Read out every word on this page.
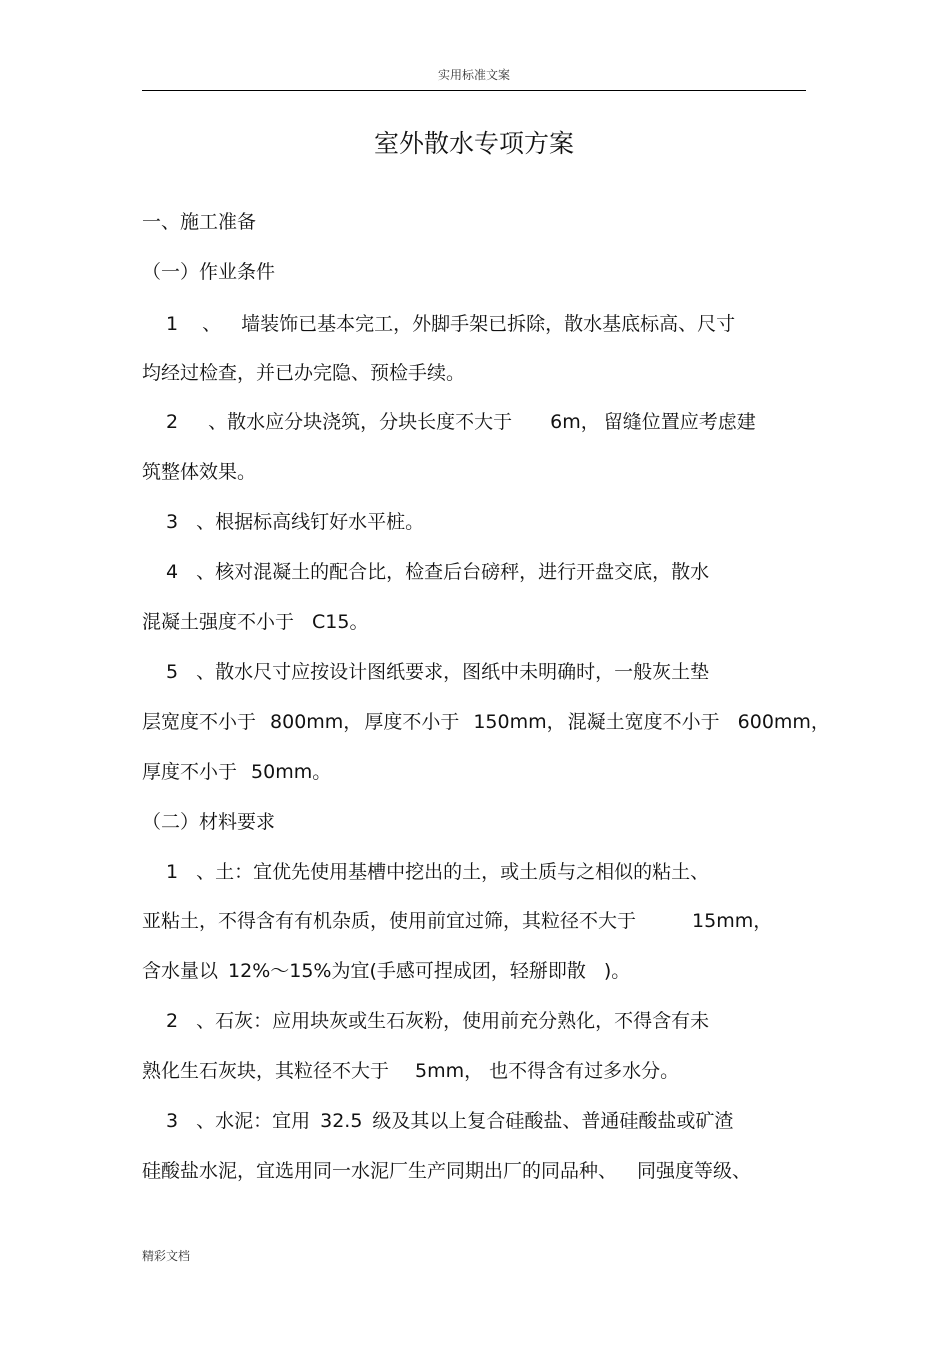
实用标准文案
室外散水专项方案
一、施工准备
（一）作业条件
1 、 墙装饰已基本完工，外脚手架已拆除，散水基底标高、尺寸
均经过检查，并已办完隐、预检手续。
2 、散水应分块浇筑，分块长度不大于 6m， 留缝位置应考虑建
筑整体效果。
3 、根据标高线钉好水平桩。
4 、核对混凝土的配合比，检查后台磅秤，进行开盘交底，散水
混凝土强度不小于 C15。
5 、散水尺寸应按设计图纸要求，图纸中未明确时，一般灰土垫
层宽度不小于 800mm， 厚度不小于 150mm， 混凝土宽度不小于 600mm，
厚度不小于 50mm。
（二）材料要求
1 、土：宜优先使用基槽中挖出的土，或土质与之相似的粘土、
亚粘土，不得含有有机杂质，使用前宜过筛，其粒径不大于	15mm，
含水量以 12%～15%为宜(手感可捏成团，轻掰即散 )。
2 、石灰：应用块灰或生石灰粉，使用前充分熟化，不得含有未
熟化生石灰块，其粒径不大于 5mm， 也不得含有过多水分。
3 、水泥：宜用 32.5 级及其以上复合硅酸盐、普通硅酸盐或矿渣
硅酸盐水泥，宜选用同一水泥厂生产同期出厂的同品种、 同强度等级、
精彩文档
